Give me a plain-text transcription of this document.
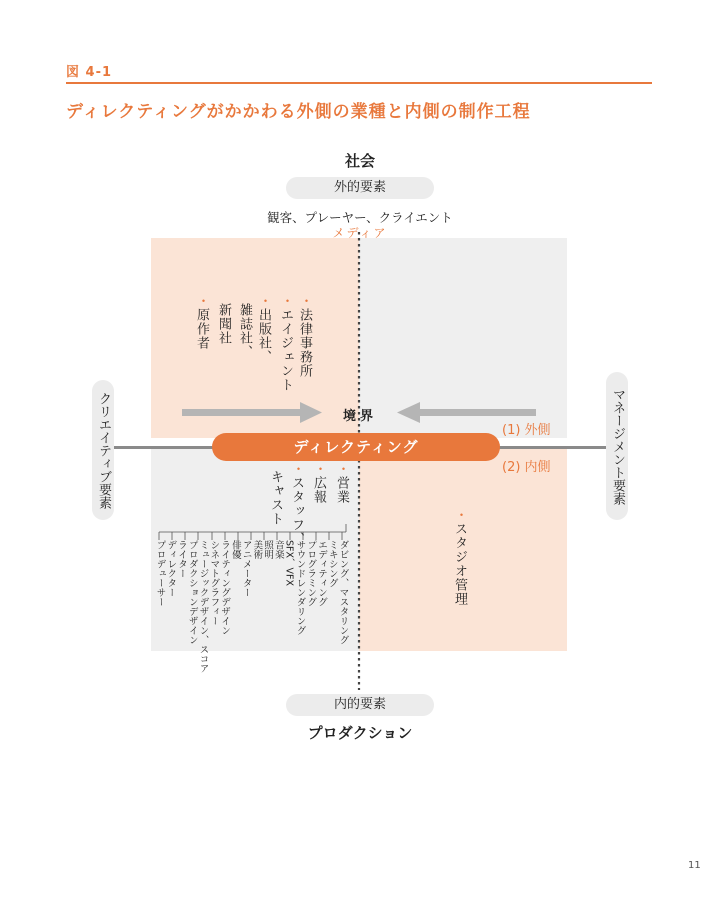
図 4-1
ディレクティングがかかわる外側の業種と内側の制作工程
社会
外的要素
観客、プレーヤー、クライエント
メディア
クリエイティブ要素	マネージメント要素
ディレクティング
境界
(1) 外側
(2) 内側
・法律事務所
・エイジェント
・出版社、
雑誌社、
新聞社
・原作者
・営業
・広報
・スタッフ、
キャスト	・スタジオ管理
ダビング、マスタリング
ミキシング
エディティング
プログラミング
サウンドレンダリング
SFX、VFX
音楽
照明
美術
アニメーター
俳優
ライティングデザイン
シネマトグラフィー
ミュージックデザイン、スコア
プロダクションデザイン
ライター
ディレクター
プロデューサー
内的要素
プロダクション
11
